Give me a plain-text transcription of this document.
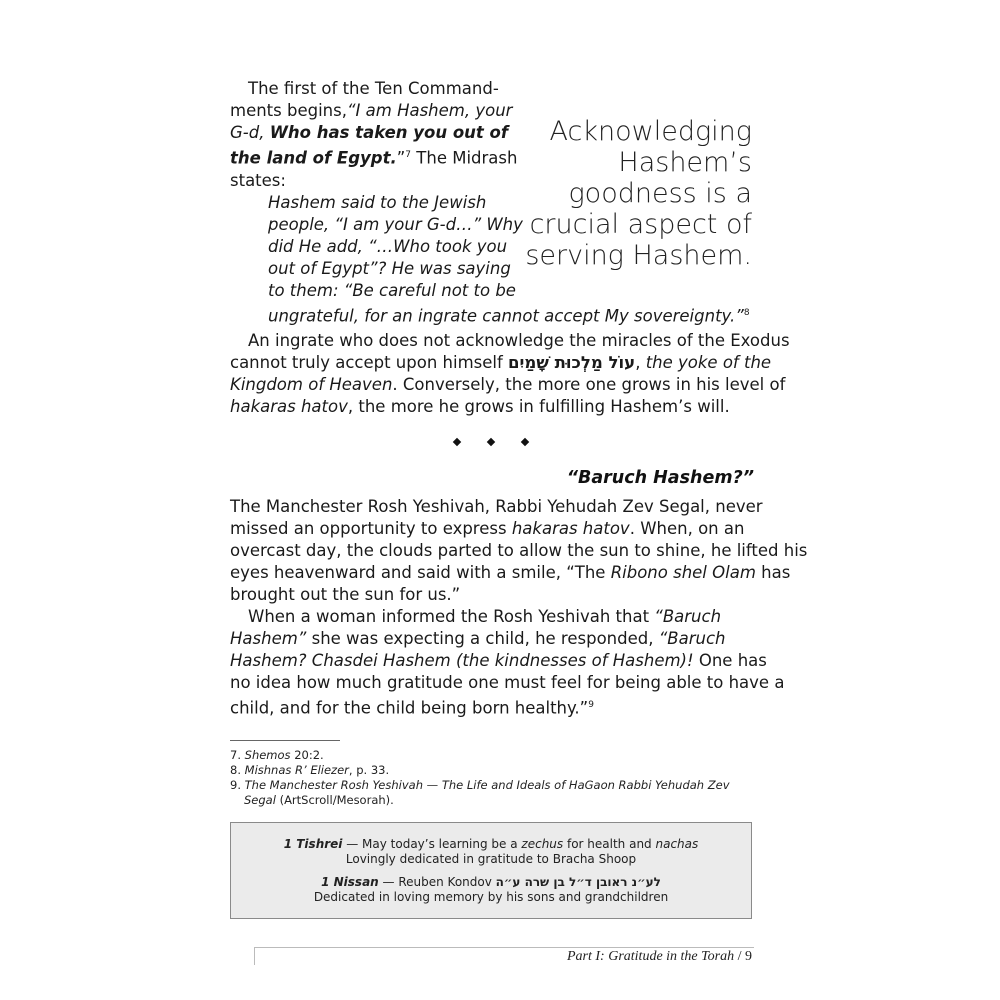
The first of the Ten Command-
ments begins,“I am Hashem, your
G-d, Who has taken you out of
the land of Egypt.”$^7$ The Midrash
states:
Hashem said to the Jewish
people, “I am your G-d…” Why
did He add, “…Who took you
out of Egypt”? He was saying
to them: “Be careful not to be
ungrateful, for an ingrate cannot accept My sovereignty.”$^8$
Acknowledging
Hashem’s
goodness is a
crucial aspect of
serving Hashem.
An ingrate who does not acknowledge the miracles of the Exodus
cannot truly accept upon himself עוֹל מַלְכוּת שָׁמַיִם, the yoke of the
Kingdom of Heaven. Conversely, the more one grows in his level of
hakaras hatov, the more he grows in fulfilling Hashem’s will.
“Baruch Hashem?”
The Manchester Rosh Yeshivah, Rabbi Yehudah Zev Segal, never
missed an opportunity to express hakaras hatov. When, on an
overcast day, the clouds parted to allow the sun to shine, he lifted his
eyes heavenward and said with a smile, “The Ribono shel Olam has
brought out the sun for us.”
When a woman informed the Rosh Yeshivah that “Baruch
Hashem” she was expecting a child, he responded, “Baruch
Hashem? Chasdei Hashem (the kindnesses of Hashem)! One has
no idea how much gratitude one must feel for being able to have a
child, and for the child being born healthy.”$^9$
7. Shemos 20:2.
8. Mishnas R’ Eliezer, p. 33.
9. The Manchester Rosh Yeshivah — The Life and Ideals of HaGaon Rabbi Yehudah Zev
Segal (ArtScroll/Mesorah).
1 Tishrei — May today’s learning be a zechus for health and nachas
Lovingly dedicated in gratitude to Bracha Shoop
1 Nissan — Reuben Kondov לע״נ ראובן ד״ל בן שרה ע״ה
Dedicated in loving memory by his sons and grandchildren
Part I: Gratitude in the Torah / 9
